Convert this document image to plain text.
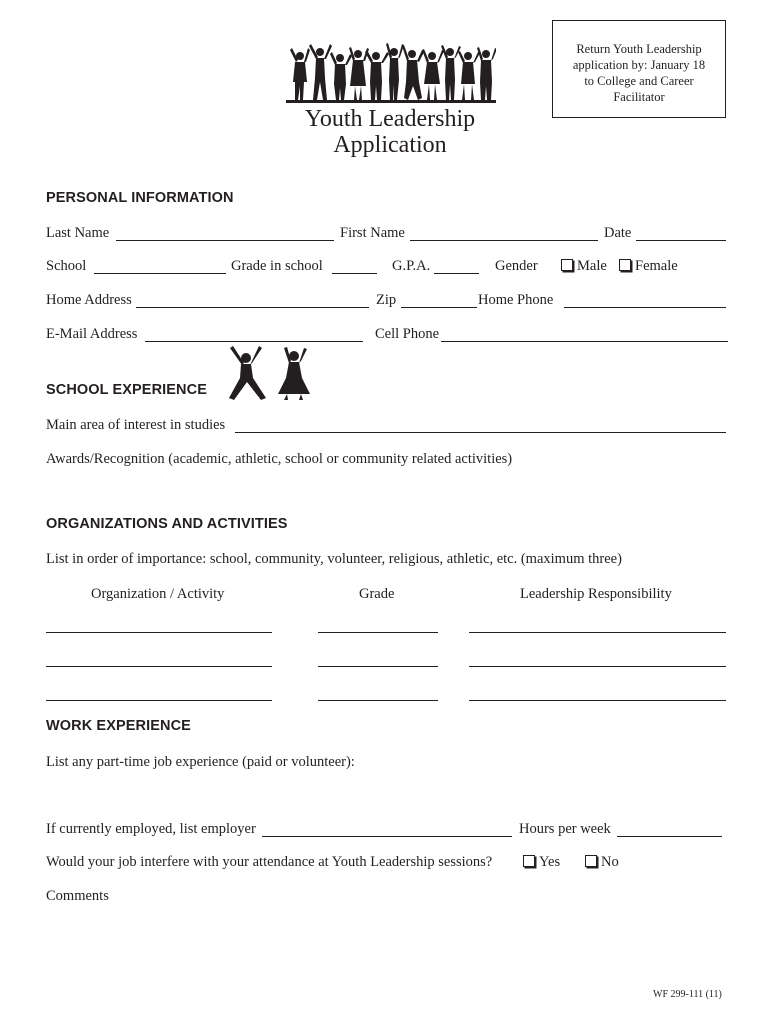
Youth Leadership
Application
Return Youth Leadership
application by: January 18
to College and Career
Facilitator
PERSONAL INFORMATION
Last Name	First Name	Date
School	Grade in school	G.P.A.	Gender	Male	Female
Home Address	Zip	Home Phone
E-Mail Address	Cell Phone
SCHOOL EXPERIENCE
Main area of interest in studies
Awards/Recognition (academic, athletic, school or community related activities)
ORGANIZATIONS AND ACTIVITIES
List in order of importance: school, community, volunteer, religious, athletic, etc. (maximum three)
Organization / Activity	Grade	Leadership Responsibility
WORK EXPERIENCE
List any part-time job experience (paid or volunteer):
If currently employed, list employer	Hours per week
Would your job interfere with your attendance at Youth Leadership sessions?	Yes	No
Comments
WF 299-111 (11)
